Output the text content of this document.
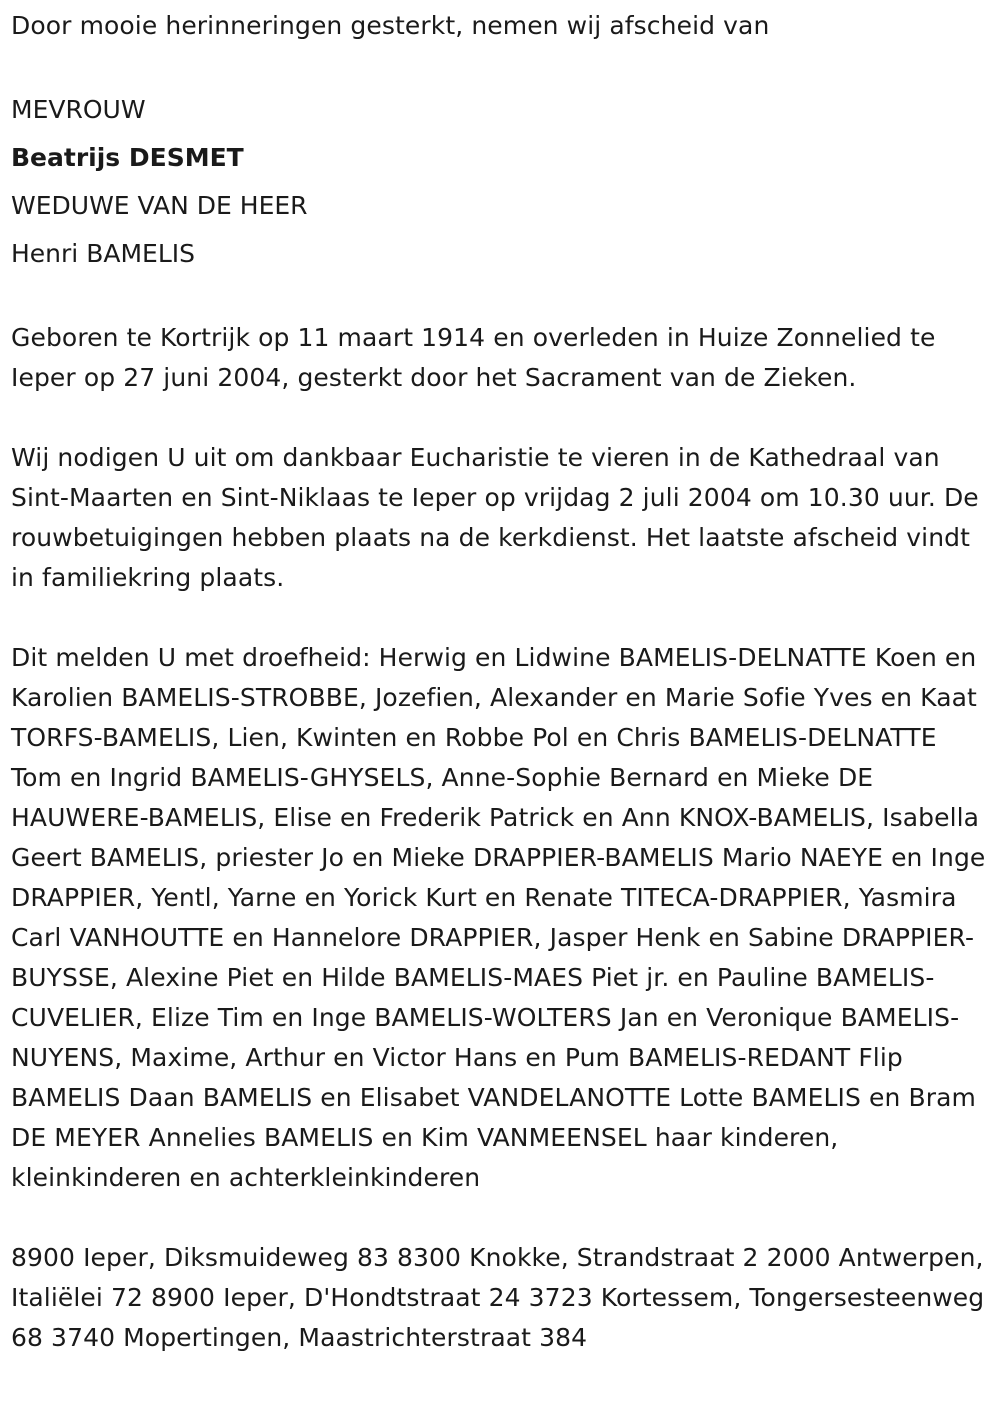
Door mooie herinneringen gesterkt, nemen wij afscheid van

MEVROUW
Beatrijs DESMET
WEDUWE VAN DE HEER
Henri BAMELIS

Geboren te Kortrijk op 11 maart 1914 en overleden in Huize Zonnelied te Ieper op 27 juni 2004, gesterkt door het Sacrament van de Zieken.

Wij nodigen U uit om dankbaar Eucharistie te vieren in de Kathedraal van Sint-Maarten en Sint-Niklaas te Ieper op vrijdag 2 juli 2004 om 10.30 uur. De rouwbetuigingen hebben plaats na de kerkdienst. Het laatste afscheid vindt in familiekring plaats.

Dit melden U met droefheid: Herwig en Lidwine BAMELIS-DELNATTE Koen en Karolien BAMELIS-STROBBE, Jozefien, Alexander en Marie Sofie Yves en Kaat TORFS-BAMELIS, Lien, Kwinten en Robbe Pol en Chris BAMELIS-DELNATTE Tom en Ingrid BAMELIS-GHYSELS, Anne-Sophie Bernard en Mieke DE HAUWERE-BAMELIS, Elise en Frederik Patrick en Ann KNOX-BAMELIS, Isabella Geert BAMELIS, priester Jo en Mieke DRAPPIER-BAMELIS Mario NAEYE en Inge DRAPPIER, Yentl, Yarne en Yorick Kurt en Renate TITECA-DRAPPIER, Yasmira Carl VANHOUTTE en Hannelore DRAPPIER, Jasper Henk en Sabine DRAPPIER-BUYSSE, Alexine Piet en Hilde BAMELIS-MAES Piet jr. en Pauline BAMELIS-CUVELIER, Elize Tim en Inge BAMELIS-WOLTERS Jan en Veronique BAMELIS-NUYENS, Maxime, Arthur en Victor Hans en Pum BAMELIS-REDANT Flip BAMELIS Daan BAMELIS en Elisabet VANDELANOTTE Lotte BAMELIS en Bram DE MEYER Annelies BAMELIS en Kim VANMEENSEL haar kinderen, kleinkinderen en achterkleinkinderen

8900 Ieper, Diksmuideweg 83 8300 Knokke, Strandstraat 2 2000 Antwerpen, Italiëlei 72 8900 Ieper, D'Hondtstraat 24 3723 Kortessem, Tongersesteenweg 68 3740 Mopertingen, Maastrichterstraat 384
